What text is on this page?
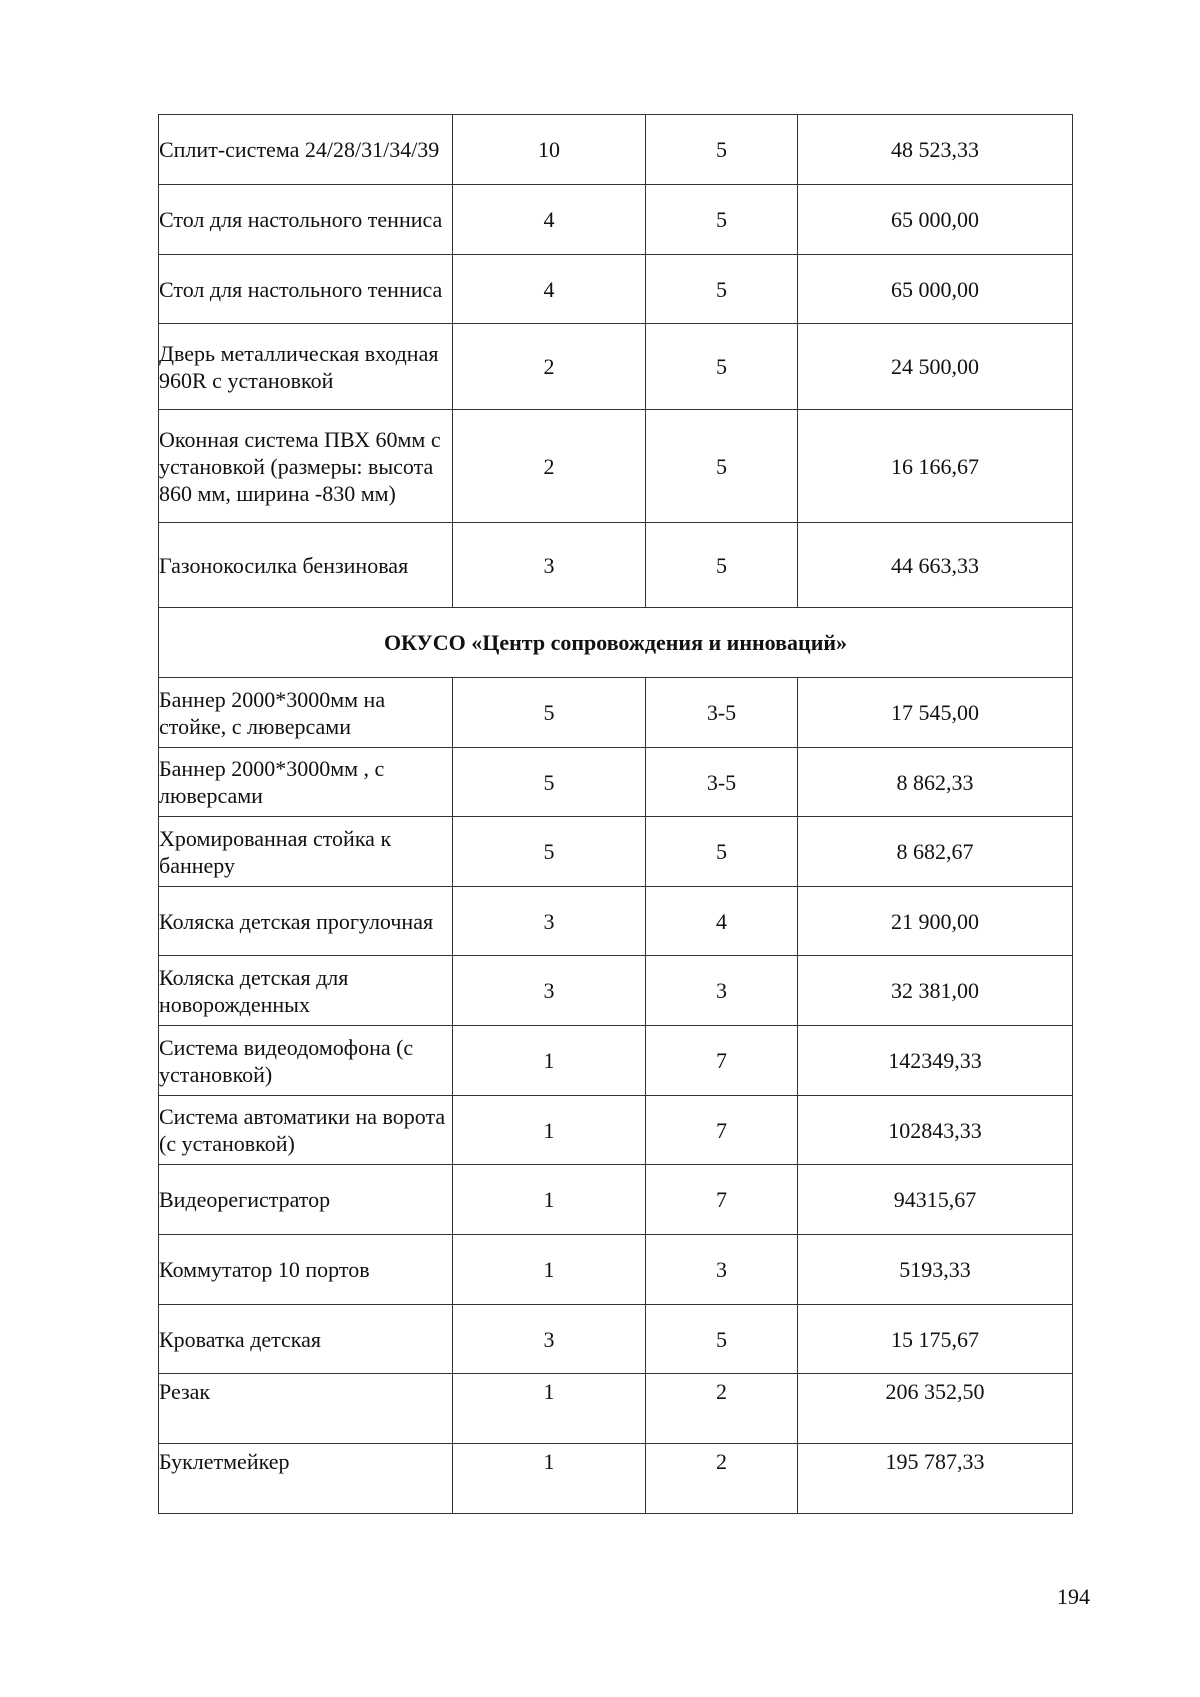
Сплит-система 24/28/31/34/39	10	5	48 523,33
Стол для настольного тенниса	4	5	65 000,00
Стол для настольного тенниса	4	5	65 000,00
Дверь металлическая входная 960R с установкой	2	5	24 500,00
Оконная система ПВХ 60мм с установкой (размеры: высота 860 мм, ширина -830 мм)	2	5	16 166,67
Газонокосилка бензиновая	3	5	44 663,33
ОКУСО «Центр сопровождения и инноваций»			
Баннер 2000*3000мм на стойке, с люверсами	5	3-5	17 545,00
Баннер 2000*3000мм , с люверсами	5	3-5	8 862,33
Хромированная стойка к баннеру	5	5	8 682,67
Коляска детская прогулочная	3	4	21 900,00
Коляска детская для новорожденных	3	3	32 381,00
Система видеодомофона (с установкой)	1	7	142349,33
Система автоматики на ворота (с установкой)	1	7	102843,33
Видеорегистратор	1	7	94315,67
Коммутатор 10 портов	1	3	5193,33
Кроватка детская	3	5	15 175,67
Резак	1	2	206 352,50
Буклетмейкер	1	2	195 787,33
194
